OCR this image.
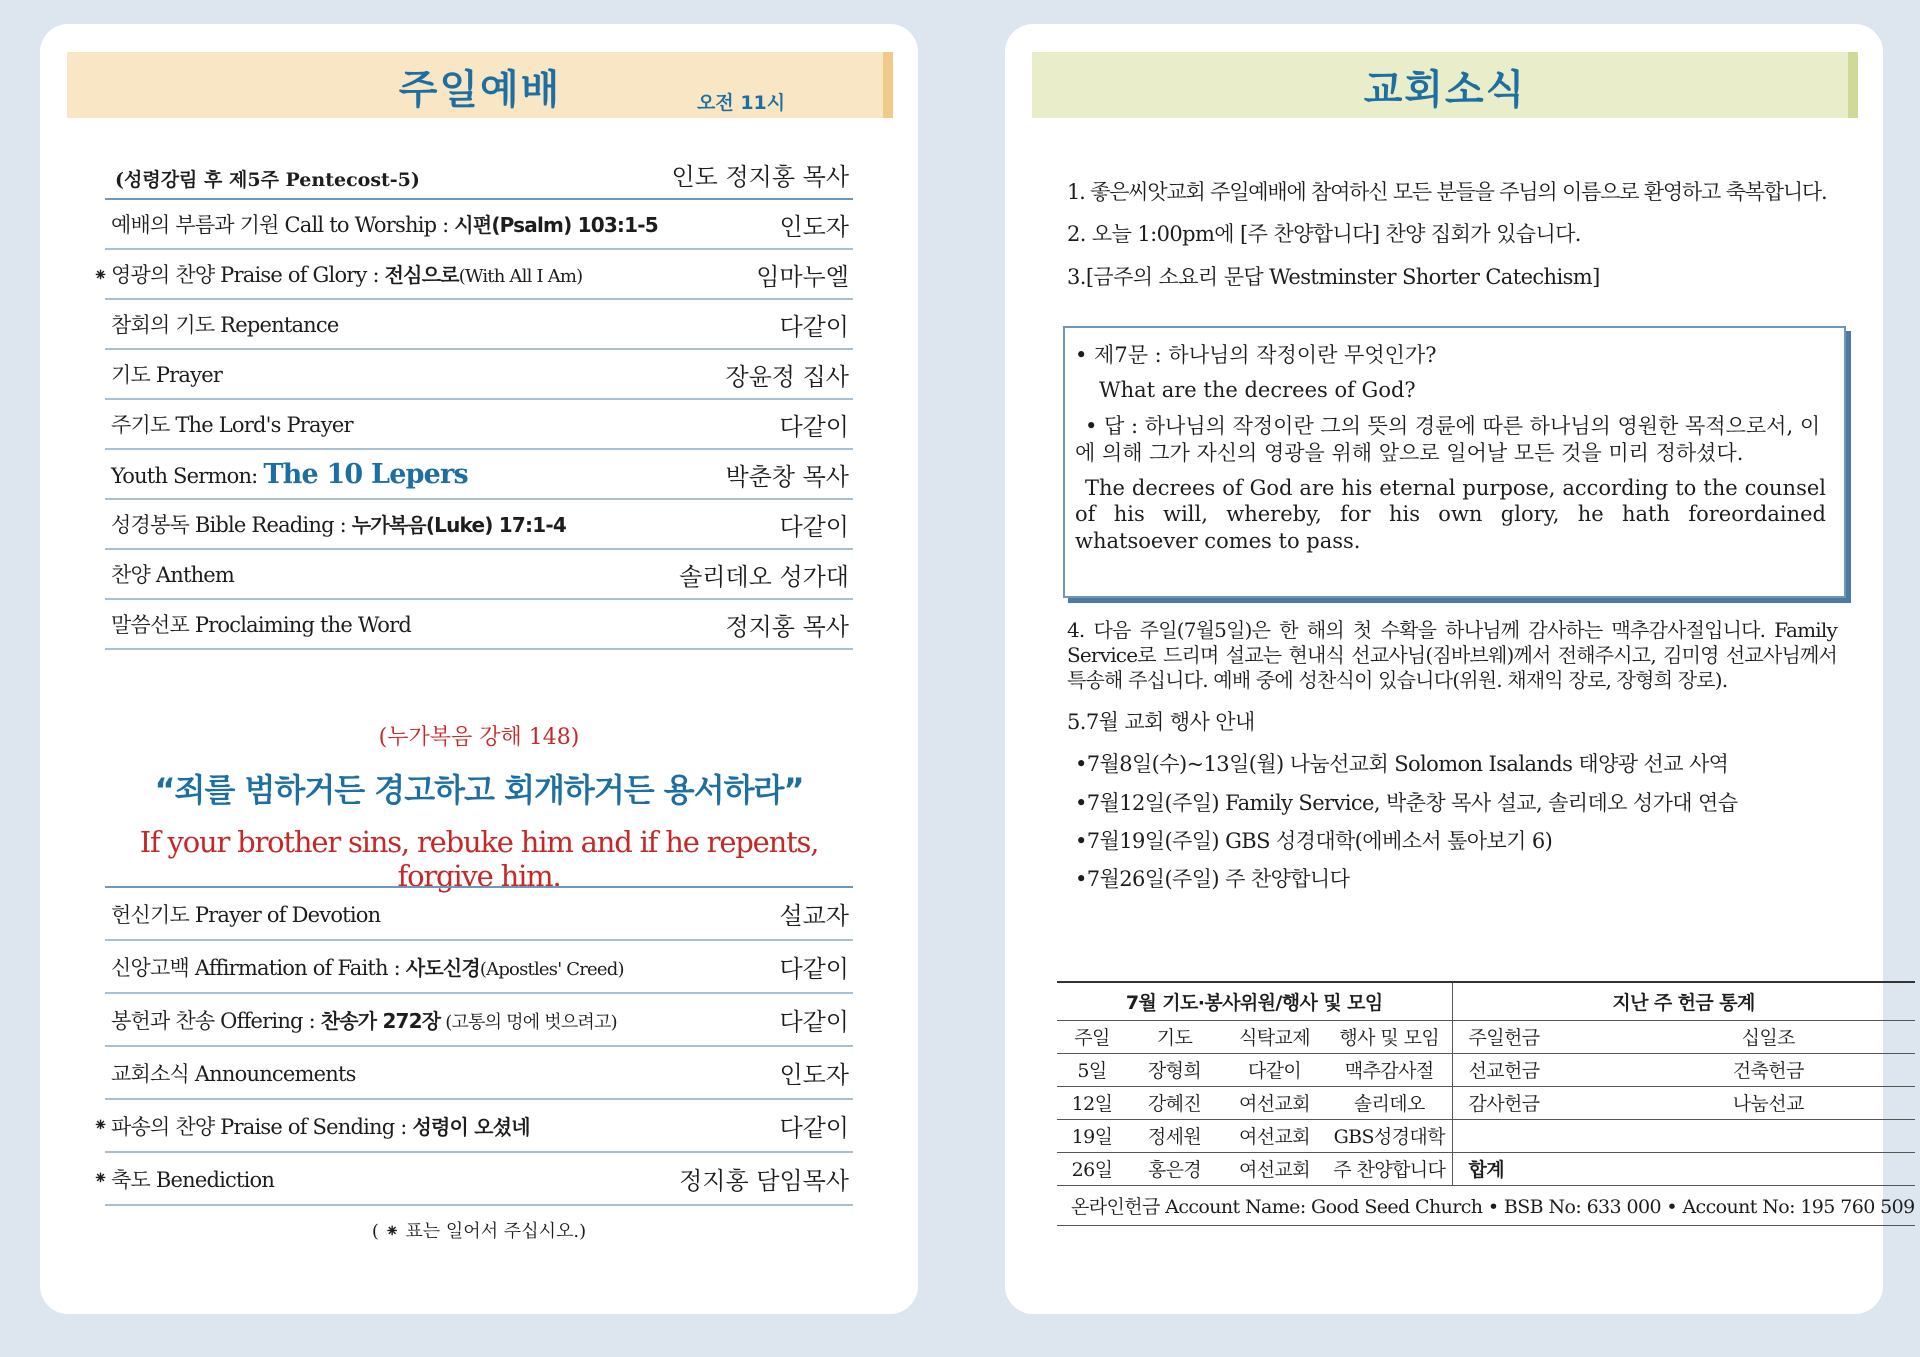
주일예배	오전 11시
(성령강림 후 제5주 Pentecost-5)	인도 정지홍 목사
예배의 부름과 기원 Call to Worship : 시편(Psalm) 103:1-5	인도자
⁕ 영광의 찬양 Praise of Glory : 전심으로(With All I Am)	임마누엘
참회의 기도 Repentance	다같이
기도 Prayer	장윤정 집사
주기도 The Lord's Prayer	다같이
Youth Sermon: The 10 Lepers	박춘창 목사
성경봉독 Bible Reading : 누가복음(Luke) 17:1-4	다같이
찬양 Anthem	솔리데오 성가대
말씀선포 Proclaiming the Word	정지홍 목사
(누가복음 강해 148)
“죄를 범하거든 경고하고 회개하거든 용서하라”
If your brother sins, rebuke him and if he repents, forgive him.
헌신기도 Prayer of Devotion	설교자
신앙고백 Affirmation of Faith : 사도신경(Apostles' Creed)	다같이
봉헌과 찬송 Offering : 찬송가 272장 (고통의 멍에 벗으려고)	다같이
교회소식 Announcements	인도자
⁕ 파송의 찬양 Praise of Sending : 성령이 오셨네	다같이
⁕ 축도 Benediction	정지홍 담임목사
( ⁕ 표는 일어서 주십시오.)
교회소식

1. 좋은씨앗교회 주일예배에 참여하신 모든 분들을 주님의 이름으로 환영하고 축복합니다.

2. 오늘 1:00pm에 [주 찬양합니다] 찬양 집회가 있습니다.

3.[금주의 소요리 문답 Westminster Shorter Catechism]

• 제7문 : 하나님의 작정이란 무엇인가?

What are the decrees of God?

• 답 : 하나님의 작정이란 그의 뜻의 경륜에 따른 하나님의 영원한 목적으로서, 이에 의해 그가 자신의 영광을 위해 앞으로 일어날 모든 것을 미리 정하셨다.

The decrees of God are his eternal purpose, according to the counsel of his will, whereby, for his own glory, he hath foreordained whatsoever comes to pass.

4. 다음 주일(7월5일)은 한 해의 첫 수확을 하나님께 감사하는 맥추감사절입니다. Family Service로 드리며 설교는 현내식 선교사님(짐바브웨)께서 전해주시고, 김미영 선교사님께서 특송해 주십니다. 예배 중에 성찬식이 있습니다(위원. 채재익 장로, 장형희 장로).

5.7월 교회 행사 안내

•7월8일(수)~13일(월) 나눔선교회 Solomon Isalands 태양광 선교 사역

•7월12일(주일) Family Service, 박춘창 목사 설교, 솔리데오 성가대 연습

•7월19일(주일) GBS 성경대학(에베소서 톺아보기 6)

•7월26일(주일) 주 찬양합니다

7월 기도·봉사위원/행사 및 모임				지난 주 헌금 통계	
주일	기도	식탁교제	행사 및 모임	주일헌금	십일조
5일	장형희	다같이	맥추감사절	선교헌금	건축헌금
12일	강혜진	여선교회	솔리데오	감사헌금	나눔선교
19일	정세원	여선교회	GBS성경대학		
26일	홍은경	여선교회	주 찬양합니다	합계	
온라인헌금 Account Name: Good Seed Church • BSB No: 633 000 • Account No: 195 760 509					
